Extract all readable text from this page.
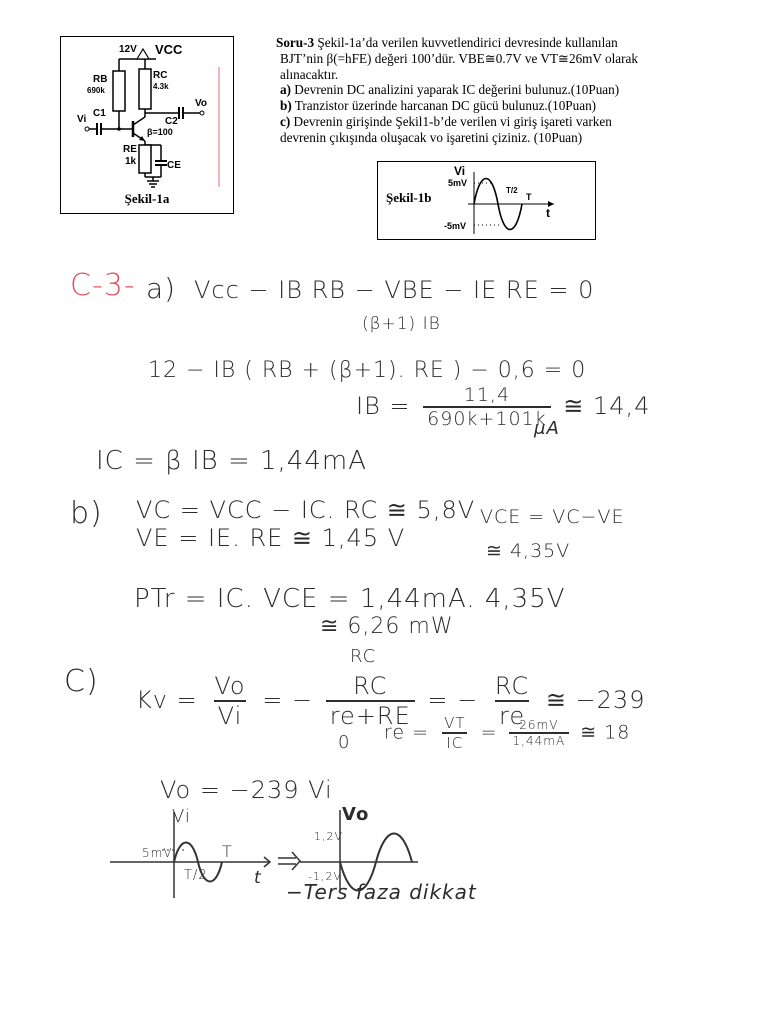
12V VCC
RB
690k
RC
4.3k
C1
Vi
Vo
C2
β=100
RE
1k	CE
Şekil-1a

Soru-3 Şekil-1a’da verilen kuvvetlendirici devresinde kullanılan

BJT’nin β(=hFE) değeri 100’dür. VBE≅0.7V ve VT≅26mV olarak

alınacaktır.

a) Devrenin DC analizini yaparak IC değerini bulunuz.(10Puan)

b) Tranzistor üzerinde harcanan DC gücü bulunuz.(10Puan)

c) Devrenin girişinde Şekil1-b’de verilen vi giriş işareti varken

devrenin çıkışında oluşacak vo işaretini çiziniz. (10Puan)

Şekil-1b
Vi
5mV
-5mV
T/2
T
t
C-3- a) Vcc − IB RB − VBE − IE RE = 0
(β+1) IB
12 − IB ( RB + (β+1). RE ) − 0,6 = 0
IB = $\frac{11,4}{690k+101k}$ ≅ 14,4
μA
IC = β IB = 1,44mA
b) VC = VCC − IC. RC ≅ 5,8V VCE = VC−VE
VE = IE. RE ≅ 1,45 V	≅ 4,35V
PTr = IC. VCE = 1,44mA. 4,35V
≅ 6,26 mW
C)
$Kv = \frac{Vo}{Vi}$ = − $\frac{RC}{re+RE}$ = − $\frac{RC}{re}$ ≅ −239
RC
0 re = $\frac{VT}{IC} = \frac{26mV}{1,44mA}$ ≅ 18
Vo = −239 Vi
Vi
5mV	T
T/2	t
Vo
1,2V
-1,2V
−Ters faza dikkat
